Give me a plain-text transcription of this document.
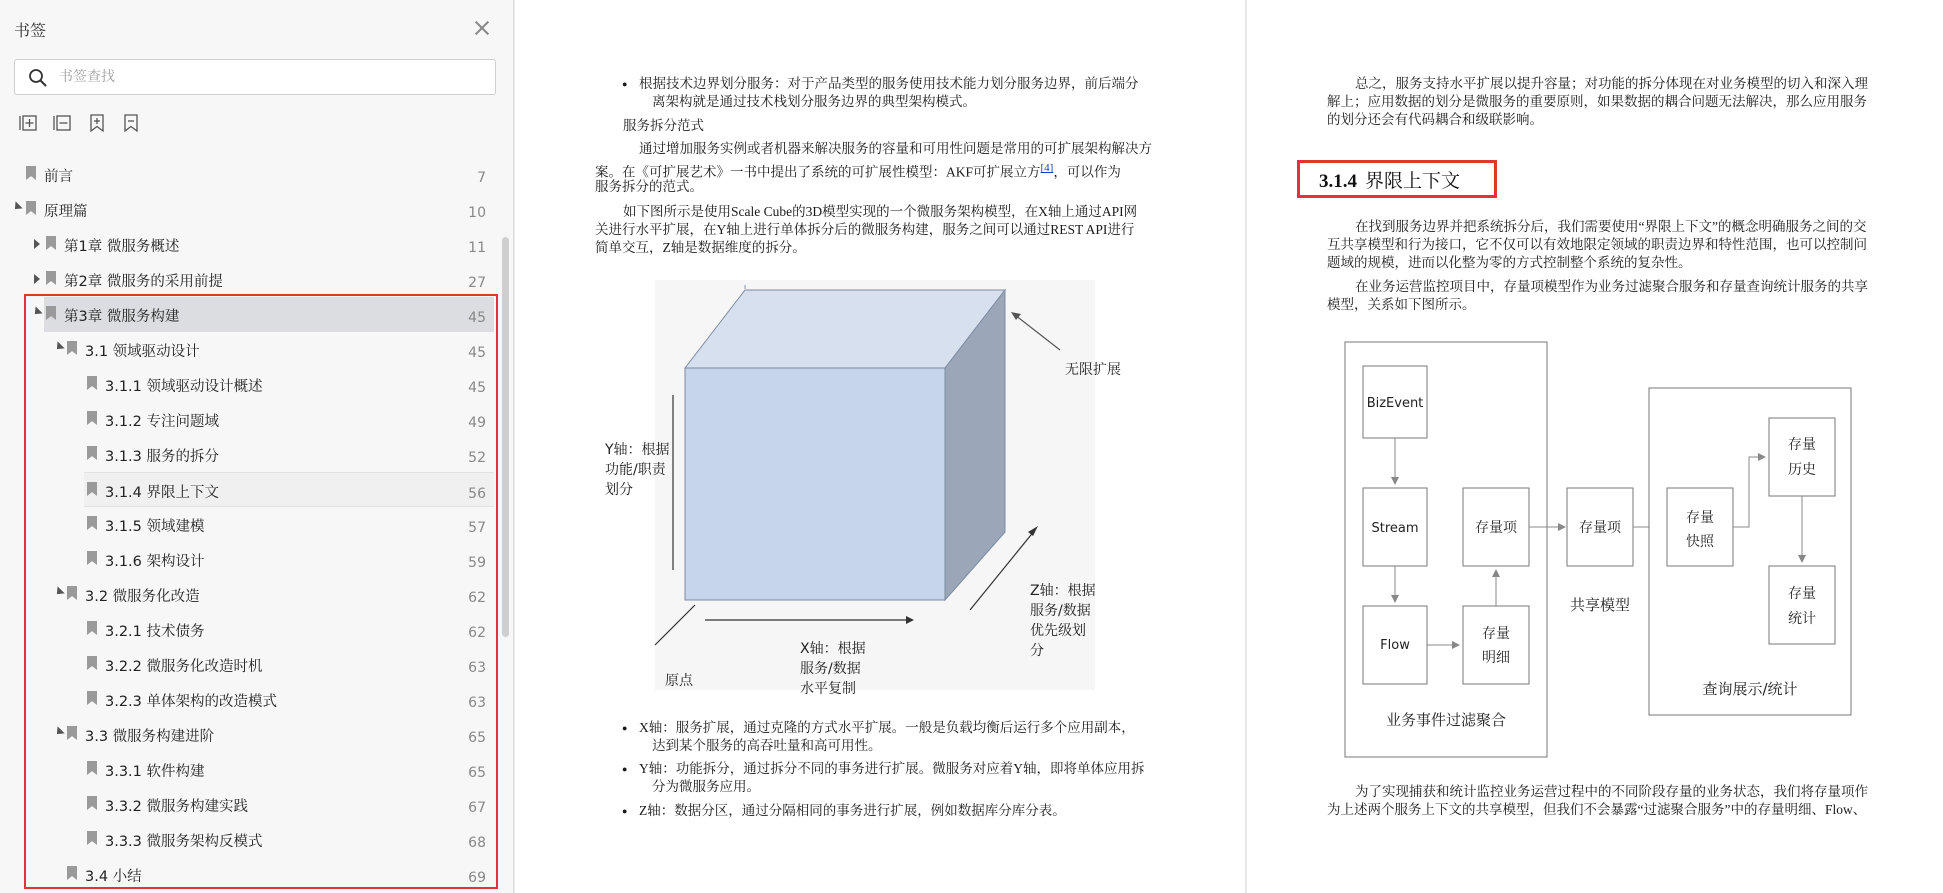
书签
书签查找
前言	7
原理篇	10
第1章 微服务概述	11
第2章 微服务的采用前提	27
第3章 微服务构建	45
3.1 领域驱动设计	45
3.1.1 领域驱动设计概述	45
3.1.2 专注问题域	49
3.1.3 服务的拆分	52
3.1.4 界限上下文	56
3.1.5 领域建模	57
3.1.6 架构设计	59
3.2 微服务化改造	62
3.2.1 技术债务	62
3.2.2 微服务化改造时机	63
3.2.3 单体架构的改造模式	63
3.3 微服务构建进阶	65
3.3.1 软件构建	65
3.3.2 微服务构建实践	67
3.3.3 微服务架构反模式	68
3.4 小结	69
● 根据技术边界划分服务：对于产品类型的服务使用技术能力划分服务边界，前后端分
离架构就是通过技术栈划分服务边界的典型架构模式。
服务拆分范式
通过增加服务实例或者机器来解决服务的容量和可用性问题是常用的可扩展架构解决方
案。在《可扩展艺术》一书中提出了系统的可扩展性模型：AKF可扩展立方[4]，可以作为
服务拆分的范式。
如下图所示是使用Scale Cube的3D模型实现的一个微服务架构模型，在X轴上通过API网
关进行水平扩展，在Y轴上进行单体拆分后的微服务构建，服务之间可以通过REST API进行
简单交互，Z轴是数据维度的拆分。
无限扩展
Y轴：根据
功能/职责
划分
Z轴：根据
服务/数据
优先级划
分
X轴：根据
服务/数据
水平复制
原点
● X轴：服务扩展，通过克隆的方式水平扩展。一般是负载均衡后运行多个应用副本，
达到某个服务的高吞吐量和高可用性。
● Y轴：功能拆分，通过拆分不同的事务进行扩展。微服务对应着Y轴，即将单体应用拆
分为微服务应用。
● Z轴：数据分区，通过分隔相同的事务进行扩展，例如数据库分库分表。
总之，服务支持水平扩展以提升容量；对功能的拆分体现在对业务模型的切入和深入理
解上；应用数据的划分是微服务的重要原则，如果数据的耦合问题无法解决，那么应用服务
的划分还会有代码耦合和级联影响。
3.1.4 界限上下文
在找到服务边界并把系统拆分后，我们需要使用“界限上下文”的概念明确服务之间的交
互共享模型和行为接口，它不仅可以有效地限定领域的职责边界和特性范围，也可以控制问
题域的规模，进而以化整为零的方式控制整个系统的复杂性。
在业务运营监控项目中，存量项模型作为业务过滤聚合服务和存量查询统计服务的共享
模型，关系如下图所示。
BizEvent
Stream
Flow
存量项
存量
明细
业务事件过滤聚合
存量项
共享模型
存量
快照
存量
历史
存量
统计
查询展示/统计
为了实现捕获和统计监控业务运营过程中的不同阶段存量的业务状态，我们将存量项作
为上述两个服务上下文的共享模型，但我们不会暴露“过滤聚合服务”中的存量明细、Flow、
